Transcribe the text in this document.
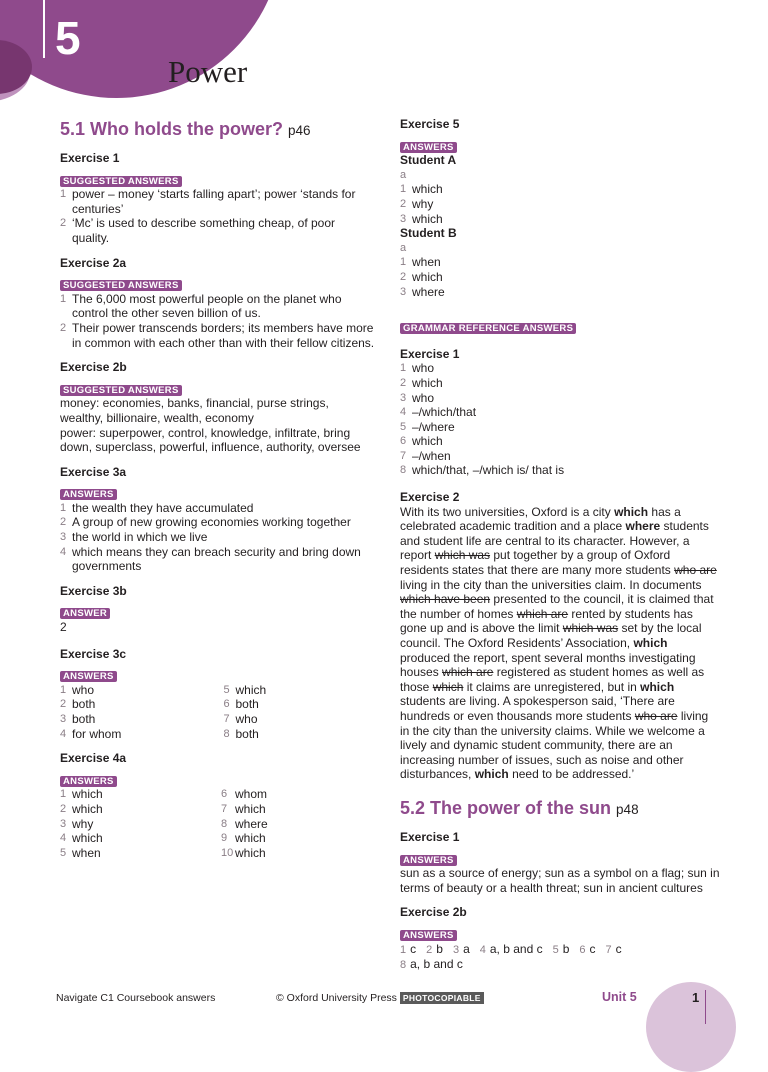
5
Power
5.1 Who holds the power? p46

Exercise 1

SUGGESTED ANSWERS
1 power – money ‘starts falling apart’; power ‘stands for centuries’
2 ‘Mc’ is used to describe something cheap, of poor quality.

Exercise 2a

SUGGESTED ANSWERS
1 The 6,000 most powerful people on the planet who control the other seven billion of us.
2 Their power transcends borders; its members have more in common with each other than with their fellow citizens.

Exercise 2b

SUGGESTED ANSWERS

money: economies, banks, financial, purse strings, wealthy, billionaire, wealth, economy

power: superpower, control, knowledge, infiltrate, bring down, superclass, powerful, influence, authority, oversee

Exercise 3a

ANSWERS
1 the wealth they have accumulated
2 A group of new growing economies working together
3 the world in which we live
4 which means they can breach security and bring down governments

Exercise 3b

ANSWER
2

Exercise 3c

ANSWERS
1 who
2 both
3 both
4 for whom
5 which
6 both
7 who
8 both

Exercise 4a

ANSWERS
1 which
2 which
3 why
4 which
5 when
6 whom
7 which
8 where
9 which
10 which

Exercise 5

ANSWERS
Student A
a
1 which
2 why
3 which
Student B
a
1 when
2 which
3 where
GRAMMAR REFERENCE ANSWERS

Exercise 1

1 who
2 which
3 who
4 –/which/that
5 –/where
6 which
7 –/when
8 which/that, –/which is/ that is

Exercise 2

With its two universities, Oxford is a city which has a celebrated academic tradition and a place where students and student life are central to its character. However, a report which was put together by a group of Oxford residents states that there are many more students who are living in the city than the universities claim. In documents which have been presented to the council, it is claimed that the number of homes which are rented by students has gone up and is above the limit which was set by the local council. The Oxford Residents’ Association, which produced the report, spent several months investigating houses which are registered as student homes as well as those which it claims are unregistered, but in which students are living. A spokesperson said, ‘There are hundreds or even thousands more students who are living in the city than the university claims. While we welcome a lively and dynamic student community, there are an increasing number of issues, such as noise and other disturbances, which need to be addressed.’

5.2 The power of the sun p48

Exercise 1

ANSWERS

sun as a source of energy; sun as a symbol on a flag; sun in terms of beauty or a health threat; sun in ancient cultures

Exercise 2b

ANSWERS
1 c 2 b 3 a 4 a, b and c 5 b 6 c 7 c
8 a, b and c
Navigate C1 Coursebook answers	© Oxford University Press PHOTOCOPIABLE	Unit 5	1
